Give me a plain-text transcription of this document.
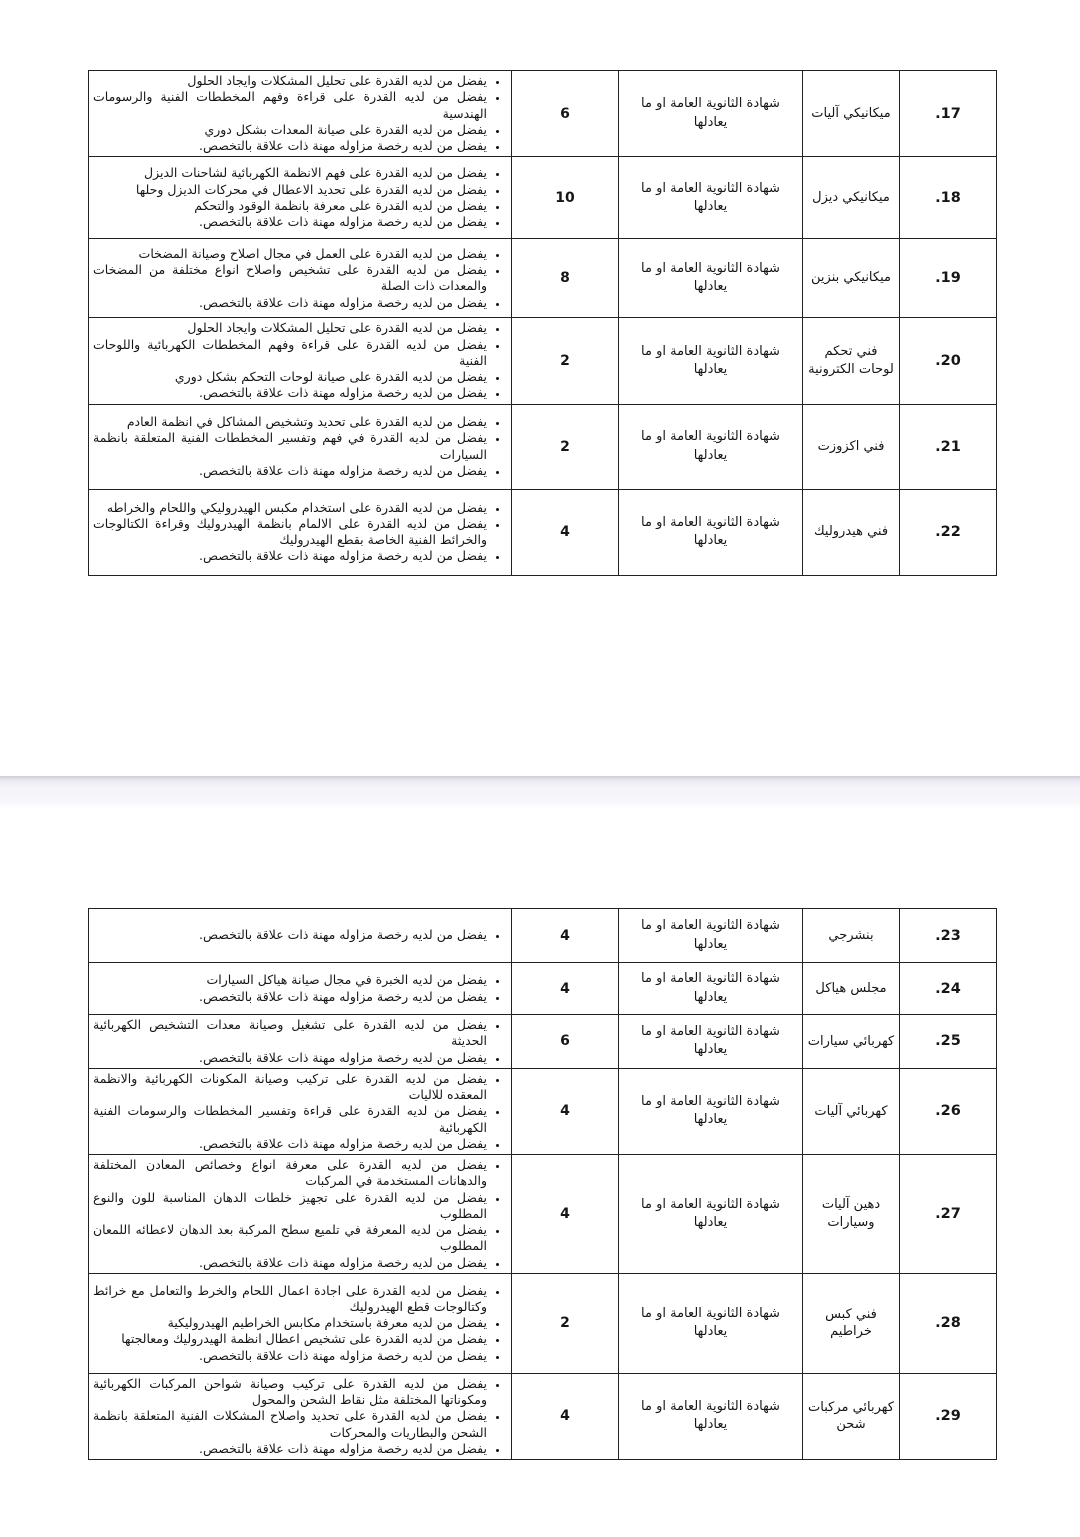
17.	ميكانيكي آليات	شهادة الثانوية العامة او ما يعادلها	6	
• يفضل من لديه القدرة على تحليل المشكلات وايجاد الحلول
• يفضل من لديه القدرة على قراءة وفهم المخططات الفنية والرسومات الهندسية
• يفضل من لديه القدرة على صيانة المعدات بشكل دوري
• يفضل من لديه رخصة مزاوله مهنة ذات علاقة بالتخصص.

18.	ميكانيكي ديزل	شهادة الثانوية العامة او ما يعادلها	10	
• يفضل من لديه القدرة على فهم الانظمة الكهربائية لشاحنات الديزل
• يفضل من لديه القدرة على تحديد الاعطال في محركات الديزل وحلها
• يفضل من لديه القدرة على معرفة بانظمة الوقود والتحكم
• يفضل من لديه رخصة مزاوله مهنة ذات علاقة بالتخصص.

19.	ميكانيكي بنزين	شهادة الثانوية العامة او ما يعادلها	8	
• يفضل من لديه القدرة على العمل في مجال اصلاح وصيانة المضخات
• يفضل من لديه القدرة على تشخيص واصلاح انواع مختلفة من المضخات والمعدات ذات الصلة
• يفضل من لديه رخصة مزاوله مهنة ذات علاقة بالتخصص.

20.	فني تحكم لوحات الكترونية	شهادة الثانوية العامة او ما يعادلها	2	
• يفضل من لديه القدرة على تحليل المشكلات وايجاد الحلول
• يفضل من لديه القدرة على قراءة وفهم المخططات الكهربائية واللوحات الفنية
• يفضل من لديه القدرة على صيانة لوحات التحكم بشكل دوري
• يفضل من لديه رخصة مزاوله مهنة ذات علاقة بالتخصص.

21.	فني اكزوزت	شهادة الثانوية العامة او ما يعادلها	2	
• يفضل من لديه القدرة على تحديد وتشخيص المشاكل في انظمة العادم
• يفضل من لديه القدرة في فهم وتفسير المخططات الفنية المتعلقة بانظمة السيارات
• يفضل من لديه رخصة مزاوله مهنة ذات علاقة بالتخصص.

22.	فني هيدروليك	شهادة الثانوية العامة او ما يعادلها	4	
• يفضل من لديه القدرة على استخدام مكبس الهيدروليكي واللحام والخراطه
• يفضل من لديه القدرة على الالمام بانظمة الهيدروليك وقراءة الكتالوجات والخرائط الفنية الخاصة بقطع الهيدروليك
• يفضل من لديه رخصة مزاوله مهنة ذات علاقة بالتخصص.
23.	بنشرجي	شهادة الثانوية العامة او ما يعادلها	4	
• يفضل من لديه رخصة مزاوله مهنة ذات علاقة بالتخصص.

24.	مجلس هياكل	شهادة الثانوية العامة او ما يعادلها	4	
• يفضل من لديه الخبرة في مجال صيانة هياكل السيارات
• يفضل من لديه رخصة مزاوله مهنة ذات علاقة بالتخصص.

25.	كهربائي سيارات	شهادة الثانوية العامة او ما يعادلها	6	
• يفضل من لديه القدرة على تشغيل وصيانة معدات التشخيص الكهربائية الحديثة
• يفضل من لديه رخصة مزاوله مهنة ذات علاقة بالتخصص.

26.	كهربائي آليات	شهادة الثانوية العامة او ما يعادلها	4	
• يفضل من لديه القدرة على تركيب وصيانة المكونات الكهربائية والانظمة المعقده للاليات
• يفضل من لديه القدرة على قراءة وتفسير المخططات والرسومات الفنية الكهربائية
• يفضل من لديه رخصة مزاوله مهنة ذات علاقة بالتخصص.

27.	دهين آليات وسيارات	شهادة الثانوية العامة او ما يعادلها	4	
• يفضل من لديه القدرة على معرفة انواع وخصائص المعادن المختلفة والدهانات المستخدمة في المركبات
• يفضل من لديه القدرة على تجهيز خلطات الدهان المناسبة للون والنوع المطلوب
• يفضل من لديه المعرفة في تلميع سطح المركبة بعد الدهان لاعطائه اللمعان المطلوب
• يفضل من لديه رخصة مزاوله مهنة ذات علاقة بالتخصص.

28.	فني كبس خراطيم	شهادة الثانوية العامة او ما يعادلها	2	
• يفضل من لديه القدرة على اجادة اعمال اللحام والخرط والتعامل مع خرائط وكتالوجات قطع الهيدروليك
• يفضل من لديه معرفة باستخدام مكابس الخراطيم الهيدروليكية
• يفضل من لديه القدرة على تشخيص اعطال انظمة الهيدروليك ومعالجتها
• يفضل من لديه رخصة مزاوله مهنة ذات علاقة بالتخصص.

29.	كهربائي مركبات شحن	شهادة الثانوية العامة او ما يعادلها	4	
• يفضل من لديه القدرة على تركيب وصيانة شواحن المركبات الكهربائية ومكوناتها المختلفة مثل نقاط الشحن والمحول
• يفضل من لديه القدرة على تحديد واصلاح المشكلات الفنية المتعلقة بانظمة الشحن والبطاريات والمحركات
• يفضل من لديه رخصة مزاوله مهنة ذات علاقة بالتخصص.
